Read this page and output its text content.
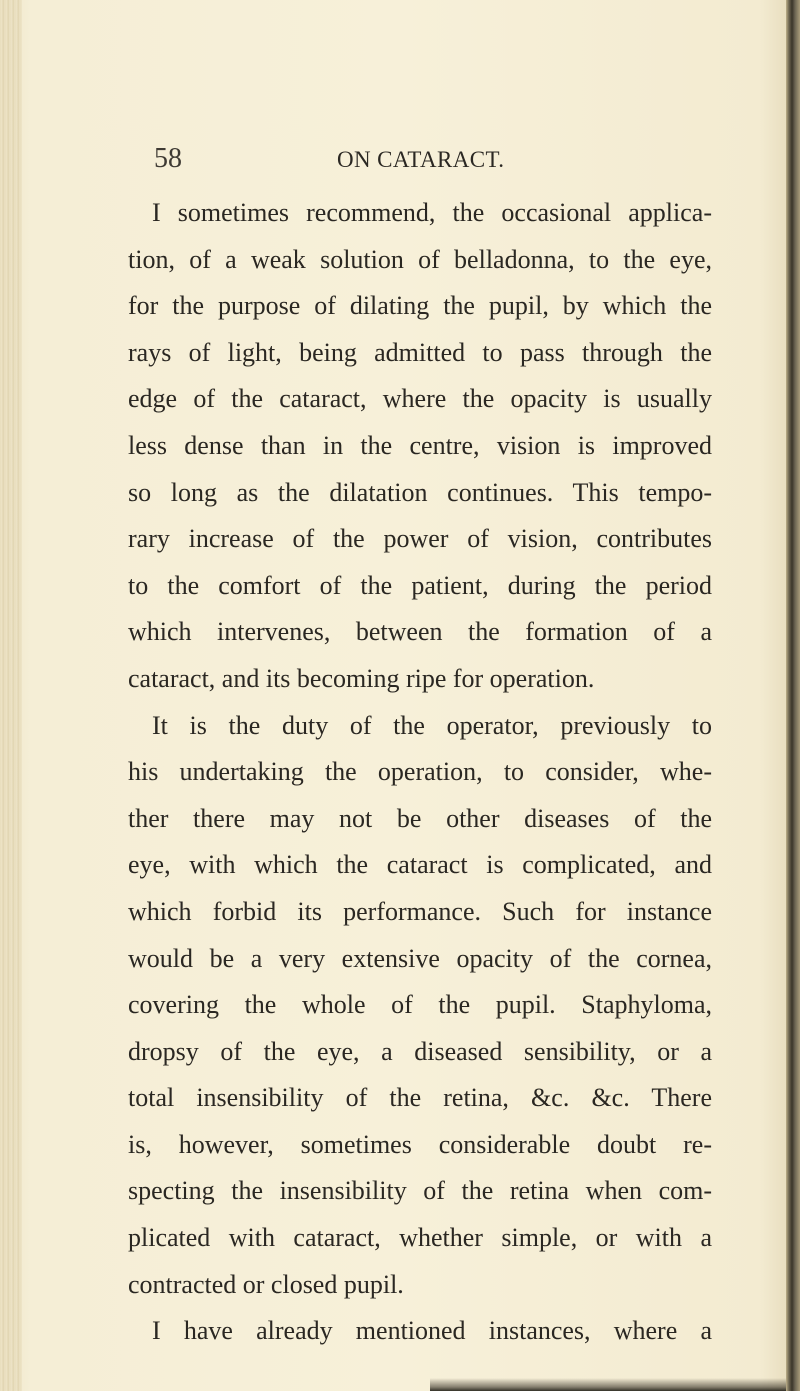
58	ON CATARACT.
I sometimes recommend, the occasional applica-
tion, of a weak solution of belladonna, to the eye,
for the purpose of dilating the pupil, by which the
rays of light, being admitted to pass through the
edge of the cataract, where the opacity is usually
less dense than in the centre, vision is improved
so long as the dilatation continues. This tempo-
rary increase of the power of vision, contributes
to the comfort of the patient, during the period
which intervenes, between the formation of a
cataract, and its becoming ripe for operation.
It is the duty of the operator, previously to
his undertaking the operation, to consider, whe-
ther there may not be other diseases of the
eye, with which the cataract is complicated, and
which forbid its performance. Such for instance
would be a very extensive opacity of the cornea,
covering the whole of the pupil. Staphyloma,
dropsy of the eye, a diseased sensibility, or a
total insensibility of the retina, &c. &c. There
is, however, sometimes considerable doubt re-
specting the insensibility of the retina when com-
plicated with cataract, whether simple, or with a
contracted or closed pupil.
I have already mentioned instances, where a
